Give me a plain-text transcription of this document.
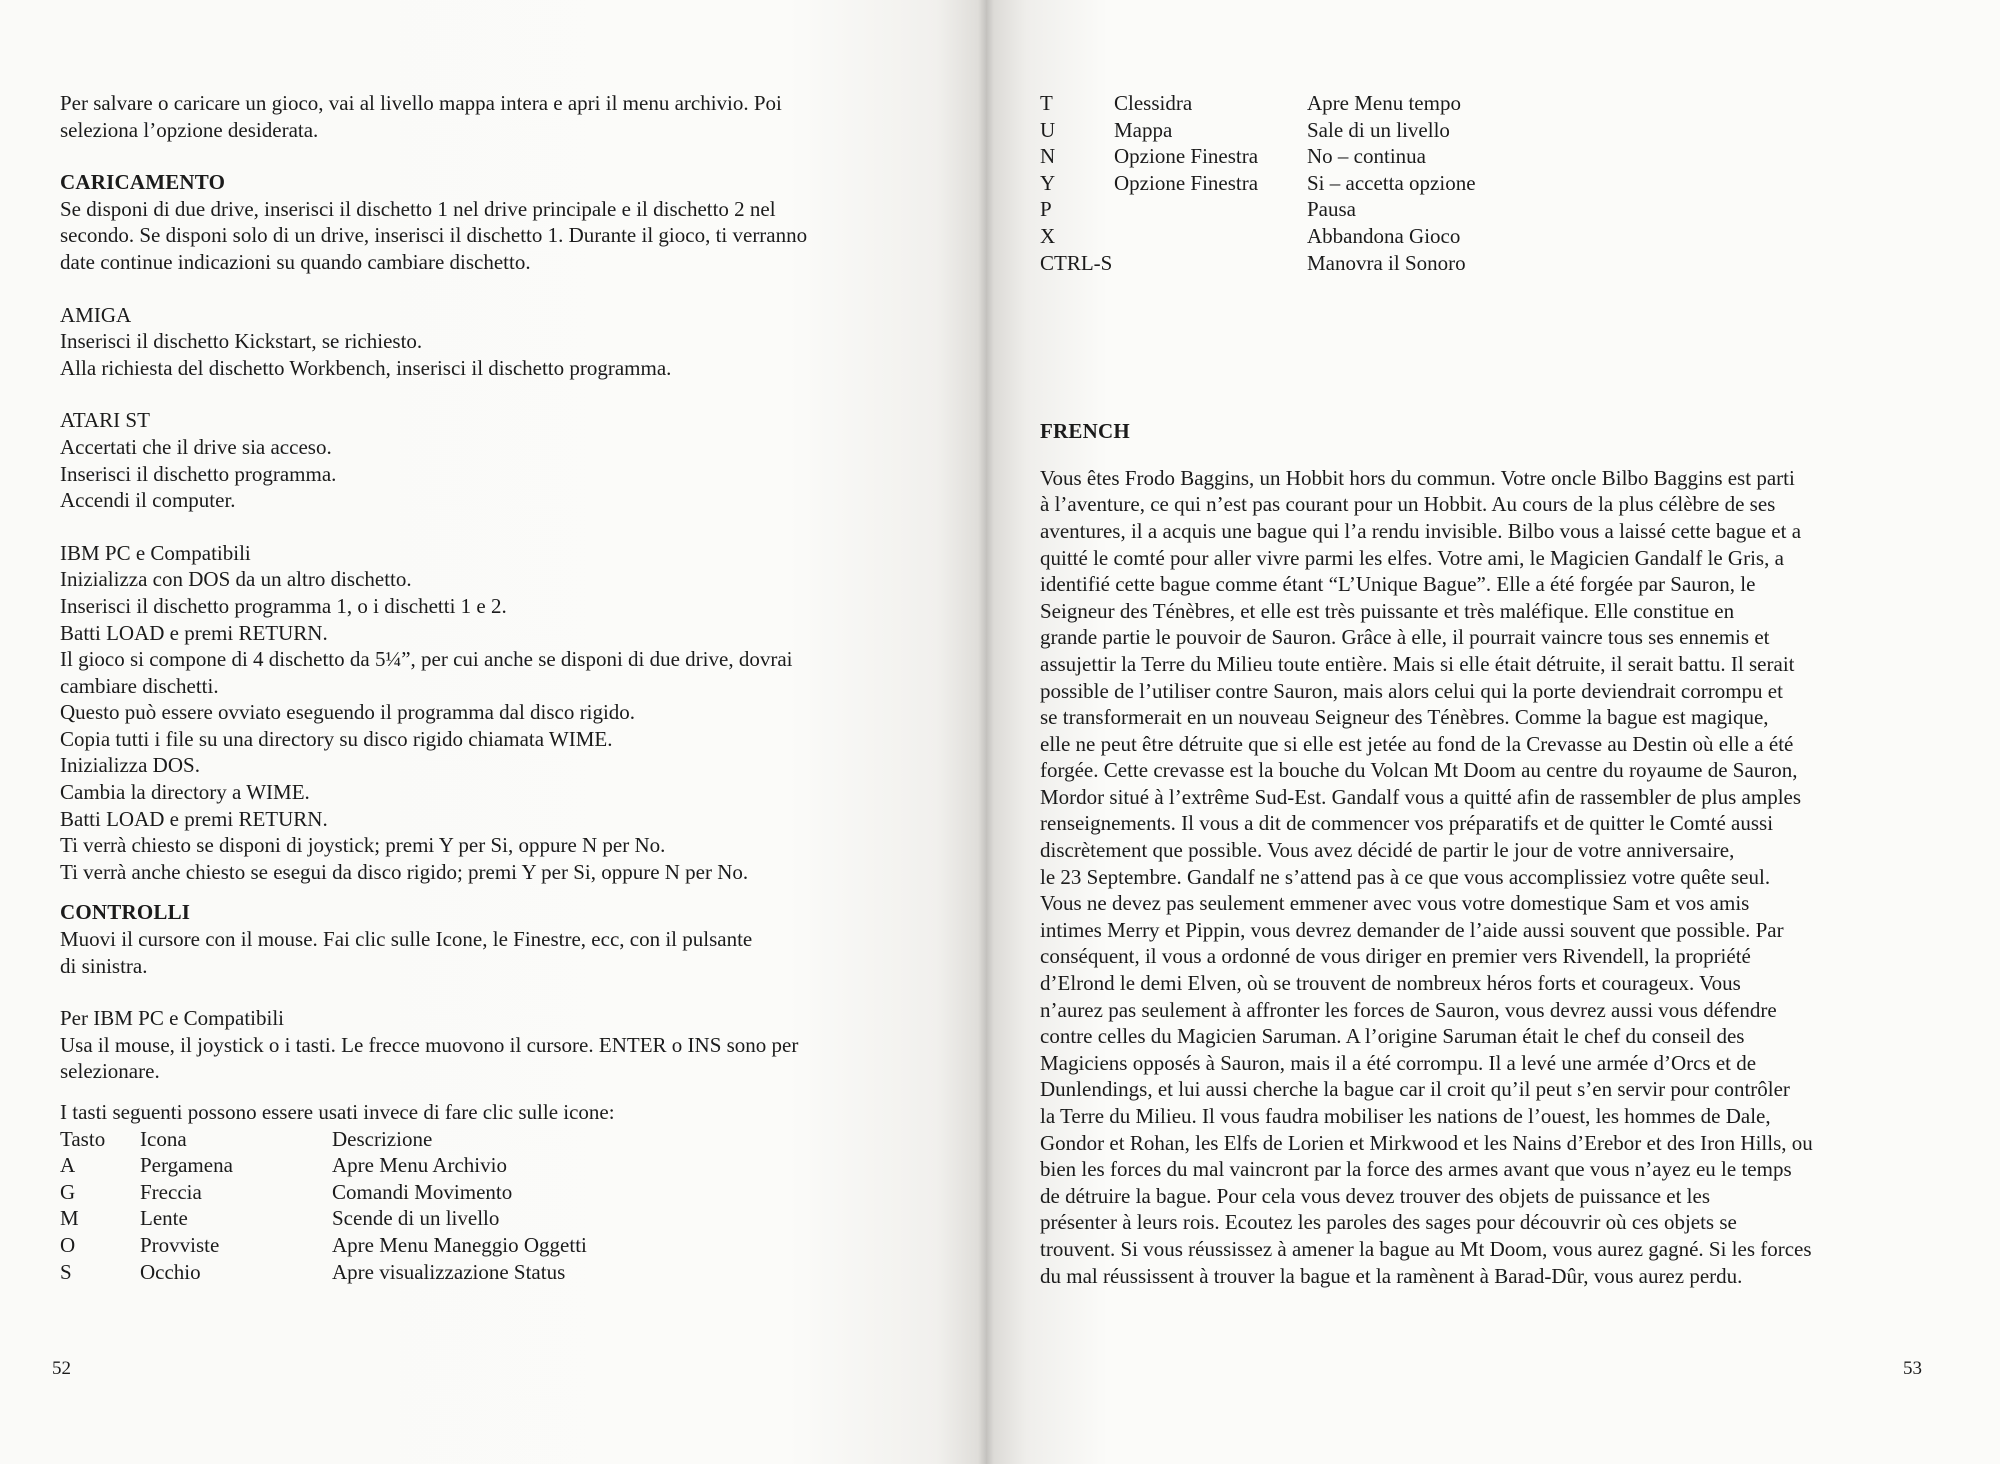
Per salvare o caricare un gioco, vai al livello mappa intera e apri il menu archivio. Poi

seleziona l’opzione desiderata.

CARICAMENTO

Se disponi di due drive, inserisci il dischetto 1 nel drive principale e il dischetto 2 nel

secondo. Se disponi solo di un drive, inserisci il dischetto 1. Durante il gioco, ti verranno

date continue indicazioni su quando cambiare dischetto.

AMIGA

Inserisci il dischetto Kickstart, se richiesto.

Alla richiesta del dischetto Workbench, inserisci il dischetto programma.

ATARI ST

Accertati che il drive sia acceso.

Inserisci il dischetto programma.

Accendi il computer.

IBM PC e Compatibili

Inizializza con DOS da un altro dischetto.

Inserisci il dischetto programma 1, o i dischetti 1 e 2.

Batti LOAD e premi RETURN.

Il gioco si compone di 4 dischetto da 5¼”, per cui anche se disponi di due drive, dovrai

cambiare dischetti.

Questo può essere ovviato eseguendo il programma dal disco rigido.

Copia tutti i file su una directory su disco rigido chiamata WIME.

Inizializza DOS.

Cambia la directory a WIME.

Batti LOAD e premi RETURN.

Ti verrà chiesto se disponi di joystick; premi Y per Si, oppure N per No.

Ti verrà anche chiesto se esegui da disco rigido; premi Y per Si, oppure N per No.

CONTROLLI

Muovi il cursore con il mouse. Fai clic sulle Icone, le Finestre, ecc, con il pulsante

di sinistra.

Per IBM PC e Compatibili

Usa il mouse, il joystick o i tasti. Le frecce muovono il cursore. ENTER o INS sono per

selezionare.

I tasti seguenti possono essere usati invece di fare clic sulle icone:

Tasto	Icona	Descrizione
A	Pergamena	Apre Menu Archivio
G	Freccia	Comandi Movimento
M	Lente	Scende di un livello
O	Provviste	Apre Menu Maneggio Oggetti
S	Occhio	Apre visualizzazione Status
52
T	Clessidra	Apre Menu tempo
U	Mappa	Sale di un livello
N	Opzione Finestra	No – continua
Y	Opzione Finestra	Si – accetta opzione
P		Pausa
X		Abbandona Gioco
CTRL-S		Manovra il Sonoro

FRENCH

Vous êtes Frodo Baggins, un Hobbit hors du commun. Votre oncle Bilbo Baggins est parti

à l’aventure, ce qui n’est pas courant pour un Hobbit. Au cours de la plus célèbre de ses

aventures, il a acquis une bague qui l’a rendu invisible. Bilbo vous a laissé cette bague et a

quitté le comté pour aller vivre parmi les elfes. Votre ami, le Magicien Gandalf le Gris, a

identifié cette bague comme étant “L’Unique Bague”. Elle a été forgée par Sauron, le

Seigneur des Ténèbres, et elle est très puissante et très maléfique. Elle constitue en

grande partie le pouvoir de Sauron. Grâce à elle, il pourrait vaincre tous ses ennemis et

assujettir la Terre du Milieu toute entière. Mais si elle était détruite, il serait battu. Il serait

possible de l’utiliser contre Sauron, mais alors celui qui la porte deviendrait corrompu et

se transformerait en un nouveau Seigneur des Ténèbres. Comme la bague est magique,

elle ne peut être détruite que si elle est jetée au fond de la Crevasse au Destin où elle a été

forgée. Cette crevasse est la bouche du Volcan Mt Doom au centre du royaume de Sauron,

Mordor situé à l’extrême Sud-Est. Gandalf vous a quitté afin de rassembler de plus amples

renseignements. Il vous a dit de commencer vos préparatifs et de quitter le Comté aussi

discrètement que possible. Vous avez décidé de partir le jour de votre anniversaire,

le 23 Septembre. Gandalf ne s’attend pas à ce que vous accomplissiez votre quête seul.

Vous ne devez pas seulement emmener avec vous votre domestique Sam et vos amis

intimes Merry et Pippin, vous devrez demander de l’aide aussi souvent que possible. Par

conséquent, il vous a ordonné de vous diriger en premier vers Rivendell, la propriété

d’Elrond le demi Elven, où se trouvent de nombreux héros forts et courageux. Vous

n’aurez pas seulement à affronter les forces de Sauron, vous devrez aussi vous défendre

contre celles du Magicien Saruman. A l’origine Saruman était le chef du conseil des

Magiciens opposés à Sauron, mais il a été corrompu. Il a levé une armée d’Orcs et de

Dunlendings, et lui aussi cherche la bague car il croit qu’il peut s’en servir pour contrôler

la Terre du Milieu. Il vous faudra mobiliser les nations de l’ouest, les hommes de Dale,

Gondor et Rohan, les Elfs de Lorien et Mirkwood et les Nains d’Erebor et des Iron Hills, ou

bien les forces du mal vaincront par la force des armes avant que vous n’ayez eu le temps

de détruire la bague. Pour cela vous devez trouver des objets de puissance et les

présenter à leurs rois. Ecoutez les paroles des sages pour découvrir où ces objets se

trouvent. Si vous réussissez à amener la bague au Mt Doom, vous aurez gagné. Si les forces

du mal réussissent à trouver la bague et la ramènent à Barad-Dûr, vous aurez perdu.

53
